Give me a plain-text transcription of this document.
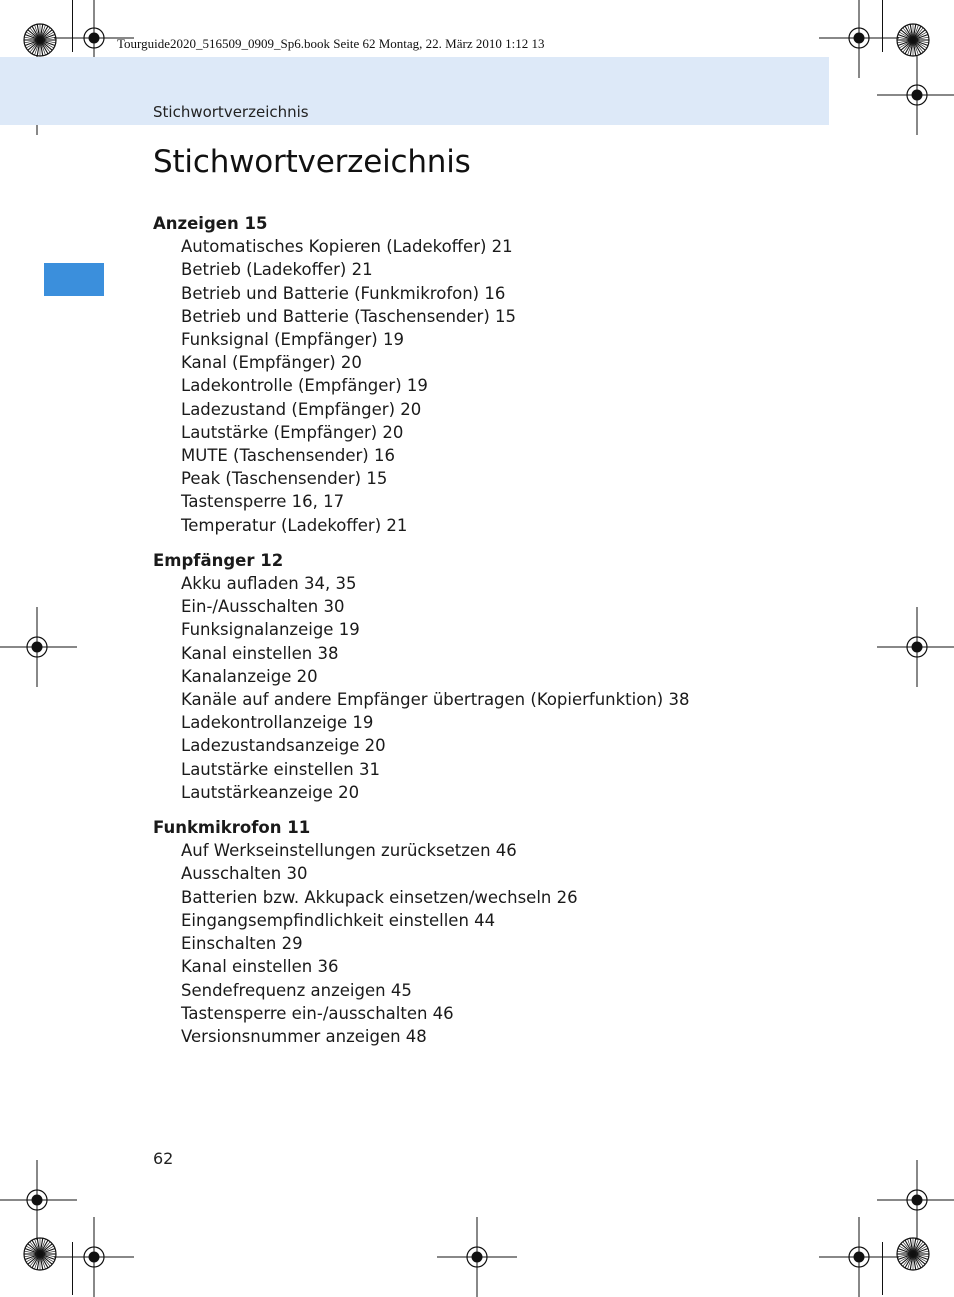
Tourguide2020_516509_0909_Sp6.book Seite 62 Montag, 22. März 2010 1:12 13
Stichwortverzeichnis
Stichwortverzeichnis
Anzeigen 15
Automatisches Kopieren (Ladekoffer) 21
Betrieb (Ladekoffer) 21
Betrieb und Batterie (Funkmikrofon) 16
Betrieb und Batterie (Taschensender) 15
Funksignal (Empfänger) 19
Kanal (Empfänger) 20
Ladekontrolle (Empfänger) 19
Ladezustand (Empfänger) 20
Lautstärke (Empfänger) 20
MUTE (Taschensender) 16
Peak (Taschensender) 15
Tastensperre 16, 17
Temperatur (Ladekoffer) 21
Empfänger 12
Akku aufladen 34, 35
Ein-/Ausschalten 30
Funksignalanzeige 19
Kanal einstellen 38
Kanalanzeige 20
Kanäle auf andere Empfänger übertragen (Kopierfunktion) 38
Ladekontrollanzeige 19
Ladezustandsanzeige 20
Lautstärke einstellen 31
Lautstärkeanzeige 20
Funkmikrofon 11
Auf Werkseinstellungen zurücksetzen 46
Ausschalten 30
Batterien bzw. Akkupack einsetzen/wechseln 26
Eingangsempfindlichkeit einstellen 44
Einschalten 29
Kanal einstellen 36
Sendefrequenz anzeigen 45
Tastensperre ein-/ausschalten 46
Versionsnummer anzeigen 48
62
